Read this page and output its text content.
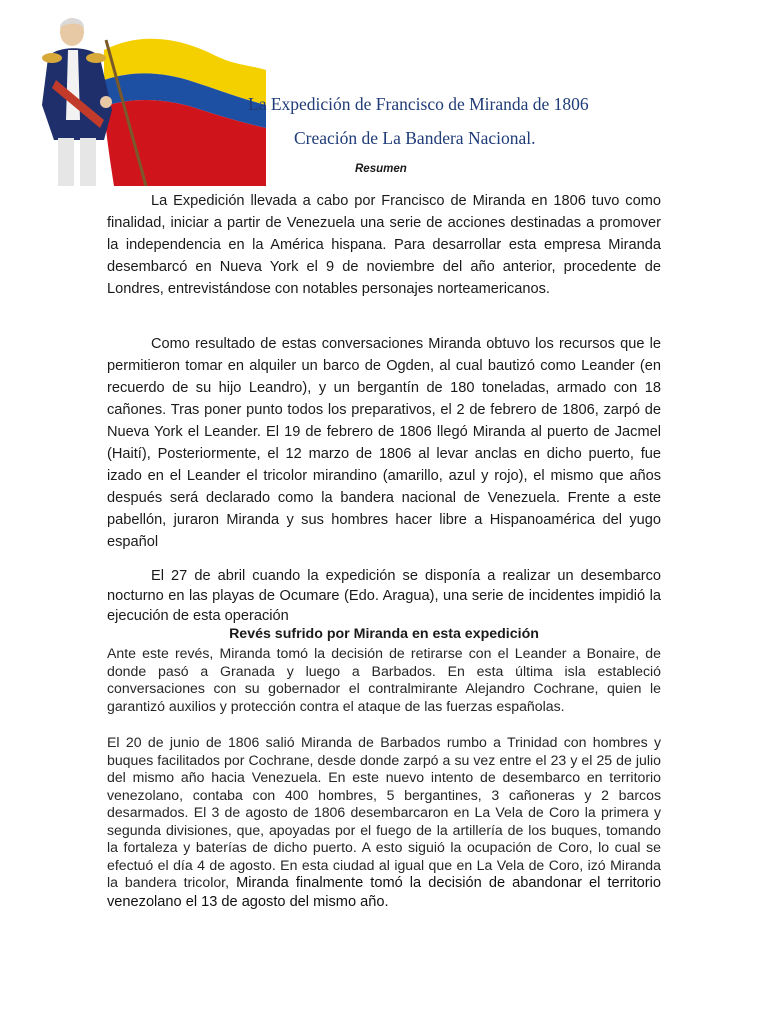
La Expedición de Francisco de Miranda de 1806
Creación de La Bandera Nacional.
Resumen

La Expedición llevada a cabo por Francisco de Miranda en 1806 tuvo como finalidad, iniciar a partir de Venezuela una serie de acciones destinadas a promover la independencia en la América hispana. Para desarrollar esta empresa Miranda desembarcó en Nueva York el 9 de noviembre del año anterior, procedente de Londres, entrevistándose con notables personajes norteamericanos.

Como resultado de estas conversaciones Miranda obtuvo los recursos que le permitieron tomar en alquiler un barco de Ogden, al cual bautizó como Leander (en recuerdo de su hijo Leandro), y un bergantín de 180 toneladas, armado con 18 cañones. Tras poner punto todos los preparativos, el 2 de febrero de 1806, zarpó de Nueva York el Leander. El 19 de febrero de 1806 llegó Miranda al puerto de Jacmel (Haití), Posteriormente, el 12 marzo de 1806 al levar anclas en dicho puerto, fue izado en el Leander el tricolor mirandino (amarillo, azul y rojo), el mismo que años después será declarado como la bandera nacional de Venezuela. Frente a este pabellón, juraron Miranda y sus hombres hacer libre a Hispanoamérica del yugo español

El 27 de abril cuando la expedición se disponía a realizar un desembarco nocturno en las playas de Ocumare (Edo. Aragua), una serie de incidentes impidió la ejecución de esta operación

Revés sufrido por Miranda en esta expedición

Ante este revés, Miranda tomó la decisión de retirarse con el Leander a Bonaire, de donde pasó a Granada y luego a Barbados. En esta última isla estableció conversaciones con su gobernador el contralmirante Alejandro Cochrane, quien le garantizó auxilios y protección contra el ataque de las fuerzas españolas.

El 20 de junio de 1806 salió Miranda de Barbados rumbo a Trinidad con hombres y buques facilitados por Cochrane, desde donde zarpó a su vez entre el 23 y el 25 de julio del mismo año hacia Venezuela. En este nuevo intento de desembarco en territorio venezolano, contaba con 400 hombres, 5 bergantines, 3 cañoneras y 2 barcos desarmados. El 3 de agosto de 1806 desembarcaron en La Vela de Coro la primera y segunda divisiones, que, apoyadas por el fuego de la artillería de los buques, tomando la fortaleza y baterías de dicho puerto. A esto siguió la ocupación de Coro, lo cual se efectuó el día 4 de agosto. En esta ciudad al igual que en La Vela de Coro, izó Miranda la bandera tricolor, Miranda finalmente tomó la decisión de abandonar el territorio venezolano el 13 de agosto del mismo año.
